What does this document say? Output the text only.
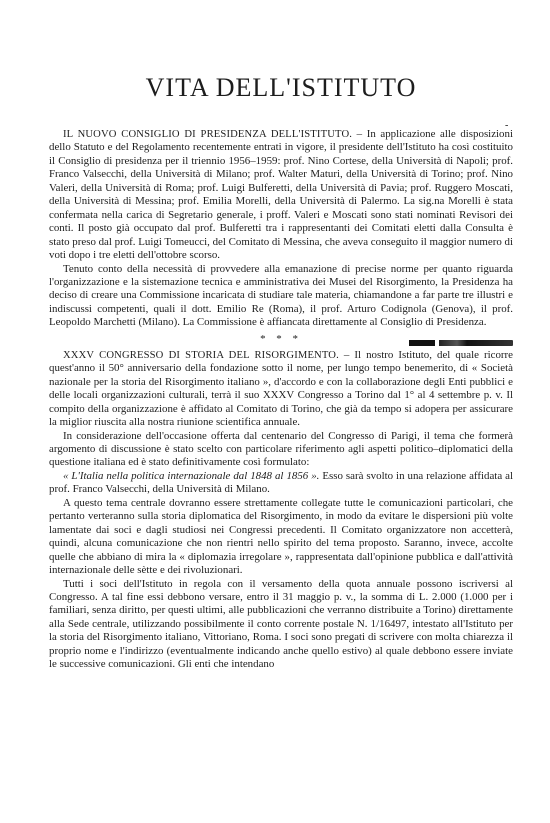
VITA DELL'ISTITUTO
-

IL NUOVO CONSIGLIO DI PRESIDENZA DELL'ISTITUTO. – In applicazione alle disposizioni dello Statuto e del Regolamento recentemente entrati in vigore, il presidente dell'Istituto ha così costituito il Consiglio di presidenza per il triennio 1956–1959: prof. Nino Cortese, della Università di Napoli; prof. Franco Valsecchi, della Università di Milano; prof. Walter Maturi, della Università di Torino; prof. Nino Valeri, della Università di Roma; prof. Luigi Bulferetti, della Università di Pavia; prof. Ruggero Moscati, della Università di Messina; prof. Emilia Morelli, della Università di Palermo. La sig.na Morelli è stata confermata nella carica di Segretario generale, i proff. Valeri e Moscati sono stati nominati Revisori dei conti. Il posto già occupato dal prof. Bulferetti tra i rappresentanti dei Comitati eletti dalla Consulta è stato preso dal prof. Luigi Tomeucci, del Comitato di Messina, che aveva conseguito il maggior numero di voti dopo i tre eletti dell'ottobre scorso.

Tenuto conto della necessità di provvedere alla emanazione di precise norme per quanto riguarda l'organizzazione e la sistemazione tecnica e amministrativa dei Musei del Risorgimento, la Presidenza ha deciso di creare una Commissione incaricata di studiare tale materia, chiamandone a far parte tre illustri e indiscussi competenti, quali il dott. Emilio Re (Roma), il prof. Arturo Codignola (Genova), il prof. Leopoldo Marchetti (Milano). La Commissione è affiancata direttamente al Consiglio di Presidenza.

* * *

XXXV CONGRESSO DI STORIA DEL RISORGIMENTO. – Il nostro Istituto, del quale ricorre quest'anno il 50° anniversario della fondazione sotto il nome, per lungo tempo benemerito, di « Società nazionale per la storia del Risorgimento italiano », d'accordo e con la collaborazione degli Enti pubblici e delle locali organizzazioni culturali, terrà il suo XXXV Congresso a Torino dal 1° al 4 settembre p. v. Il compito della organizzazione è affidato al Comitato di Torino, che già da tempo si adopera per assicurare la miglior riuscita alla nostra riunione scientifica annuale.

In considerazione dell'occasione offerta dal centenario del Congresso di Parigi, il tema che formerà argomento di discussione è stato scelto con particolare riferimento agli aspetti politico–diplomatici della questione italiana ed è stato definitivamente così formulato:

« L'Italia nella politica internazionale dal 1848 al 1856 ». Esso sarà svolto in una relazione affidata al prof. Franco Valsecchi, della Università di Milano.

A questo tema centrale dovranno essere strettamente collegate tutte le comunicazioni particolari, che pertanto verteranno sulla storia diplomatica del Risorgimento, in modo da evitare le dispersioni più volte lamentate dai soci e dagli studiosi nei Congressi precedenti. Il Comitato organizzatore non accetterà, quindi, alcuna comunicazione che non rientri nello spirito del tema proposto. Saranno, invece, accolte quelle che abbiano di mira la « diplomazia irregolare », rappresentata dall'opinione pubblica e dall'attività internazionale delle sètte e dei rivoluzionari.

Tutti i soci dell'Istituto in regola con il versamento della quota annuale possono iscriversi al Congresso. A tal fine essi debbono versare, entro il 31 maggio p. v., la somma di L. 2.000 (1.000 per i familiari, senza diritto, per questi ultimi, alle pubblicazioni che verranno distribuite a Torino) direttamente alla Sede centrale, utilizzando possibilmente il conto corrente postale N. 1/16497, intestato all'Istituto per la storia del Risorgimento italiano, Vittoriano, Roma. I soci sono pregati di scrivere con molta chiarezza il proprio nome e l'indirizzo (eventualmente indicando anche quello estivo) al quale debbono essere inviate le successive comunicazioni. Gli enti che intendano
